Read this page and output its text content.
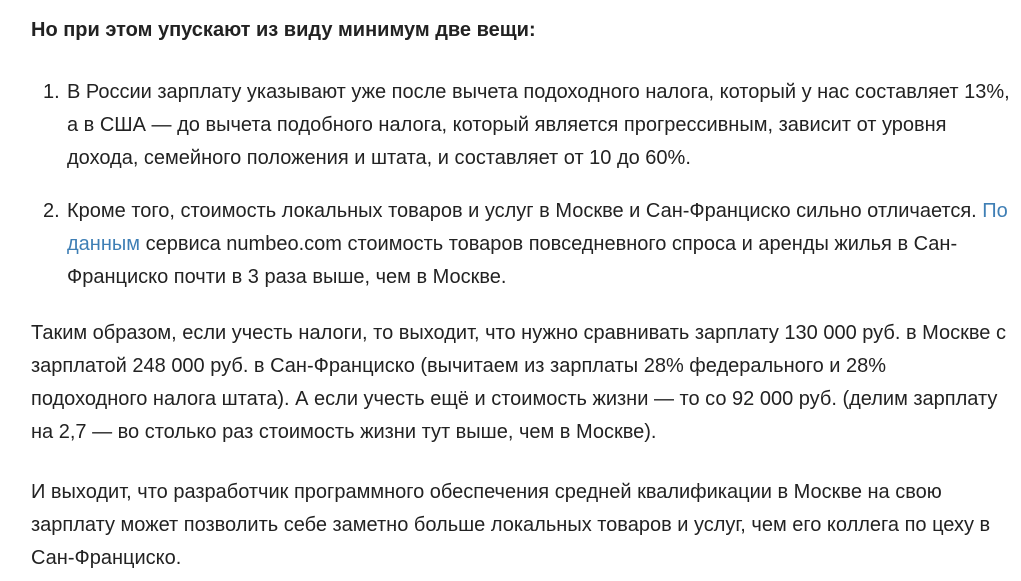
Но при этом упускают из виду минимум две вещи:

1. В России зарплату указывают уже после вычета подоходного налога, который у нас составляет 13%, а в США — до вычета подобного налога, который является прогрессивным, зависит от уровня дохода, семейного положения и штата, и составляет от 10 до 60%.
2. Кроме того, стоимость локальных товаров и услуг в Москве и Сан-Франциско сильно отличается. По данным сервиса numbeo.com стоимость товаров повседневного спроса и аренды жилья в Сан-Франциско почти в 3 раза выше, чем в Москве.

Таким образом, если учесть налоги, то выходит, что нужно сравнивать зарплату 130 000 руб. в Москве с зарплатой 248 000 руб. в Сан-Франциско (вычитаем из зарплаты 28% федерального и 28% подоходного налога штата). А если учесть ещё и стоимость жизни — то со 92 000 руб. (делим зарплату на 2,7 — во столько раз стоимость жизни тут выше, чем в Москве).

И выходит, что разработчик программного обеспечения средней квалификации в Москве на свою зарплату может позволить себе заметно больше локальных товаров и услуг, чем его коллега по цеху в Сан-Франциско.
